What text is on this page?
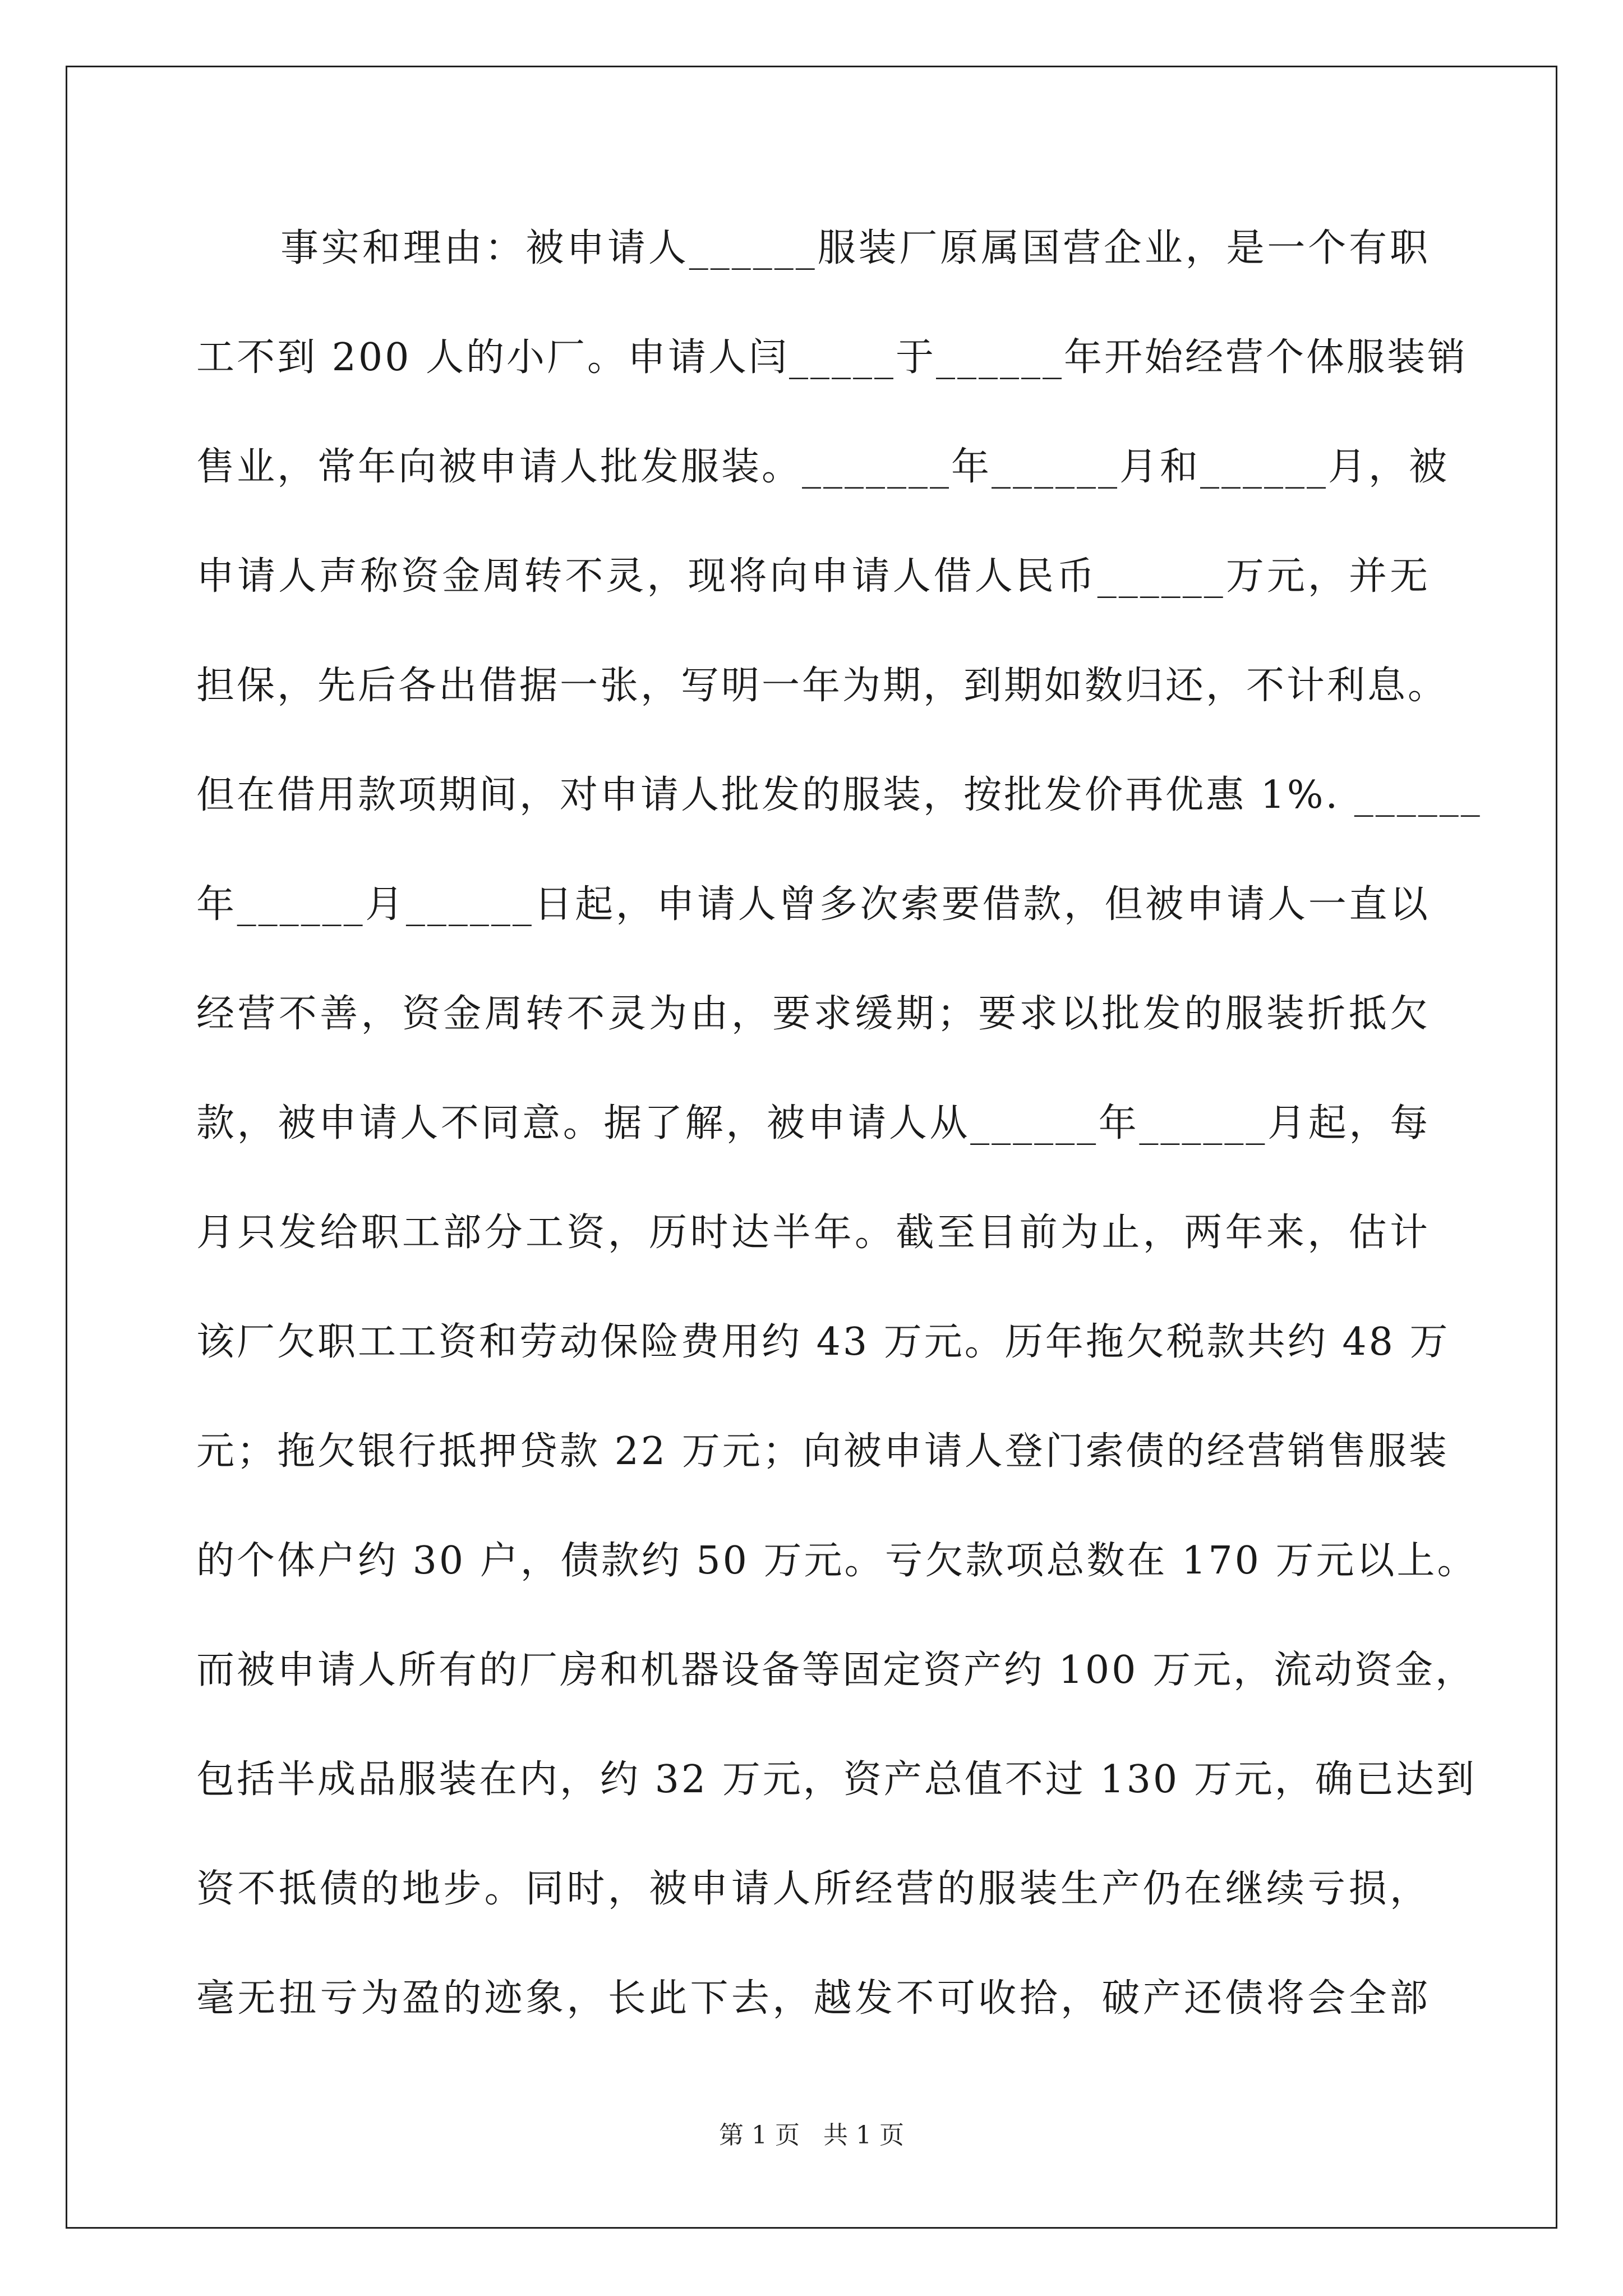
事实和理由：被申请人______服装厂原属国营企业，是一个有职
工不到 200 人的小厂。申请人闫_____于______年开始经营个体服装销
售业，常年向被申请人批发服装。_______年______月和______月，被
申请人声称资金周转不灵，现将向申请人借人民币______万元，并无
担保，先后各出借据一张，写明一年为期，到期如数归还，不计利息。
但在借用款项期间，对申请人批发的服装，按批发价再优惠 1%. ______
年______月______日起，申请人曾多次索要借款，但被申请人一直以
经营不善，资金周转不灵为由，要求缓期；要求以批发的服装折抵欠
款，被申请人不同意。据了解，被申请人从______年______月起，每
月只发给职工部分工资，历时达半年。截至目前为止，两年来，估计
该厂欠职工工资和劳动保险费用约 43 万元。历年拖欠税款共约 48 万
元；拖欠银行抵押贷款 22 万元；向被申请人登门索债的经营销售服装
的个体户约 30 户，债款约 50 万元。亏欠款项总数在 170 万元以上。
而被申请人所有的厂房和机器设备等固定资产约 100 万元，流动资金，
包括半成品服装在内，约 32 万元，资产总值不过 130 万元，确已达到
资不抵债的地步。同时，被申请人所经营的服装生产仍在继续亏损，
毫无扭亏为盈的迹象，长此下去，越发不可收拾，破产还债将会全部
第 1 页   共 1 页
